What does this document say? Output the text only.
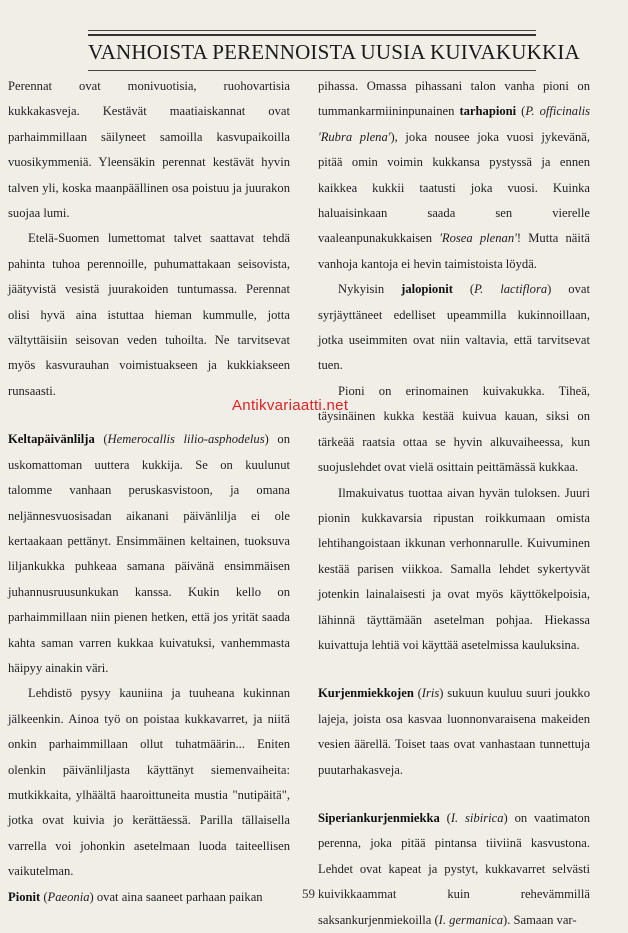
VANHOISTA PERENNOISTA UUSIA KUIVAKUKKIA

Perennat ovat monivuotisia, ruohovartisia kukkakasveja. Kestävät maatiaiskannat ovat parhaimmillaan säilyneet samoilla kasvupaikoilla vuosikymmeniä. Yleensäkin perennat kestävät hyvin talven yli, koska maanpäällinen osa poistuu ja juurakon suojaa lumi.

Etelä-Suomen lumettomat talvet saattavat tehdä pahinta tuhoa perennoille, puhumattakaan seisovista, jäätyvistä vesistä juurakoiden tuntumassa. Perennat olisi hyvä aina istuttaa hieman kummulle, jotta vältyttäisiin seisovan veden tuhoilta. Ne tarvitsevat myös kasvurauhan voimistuakseen ja kukkiakseen runsaasti.

Keltapäivänlilja (Hemerocallis lilio-asphodelus) on uskomattoman uuttera kukkija. Se on kuulunut talomme vanhaan peruskasvistoon, ja omana neljännesvuosisadan aikanani päivänlilja ei ole kertaakaan pettänyt. Ensimmäinen keltainen, tuoksuva liljankukka puhkeaa samana päivänä ensimmäisen juhannusruusunkukan kanssa. Kukin kello on parhaimmillaan niin pienen hetken, että jos yrität saada kahta saman varren kukkaa kuivatuksi, vanhemmasta häipyy ainakin väri.

Lehdistö pysyy kauniina ja tuuheana kukinnan jälkeenkin. Ainoa työ on poistaa kukkavarret, ja niitä onkin parhaimmillaan ollut tuhatmäärin... Eniten olenkin päivänliljasta käyttänyt siemenvaiheita: mutkikkaita, ylhäältä haaroittuneita mustia "nutipäitä", jotka ovat kuivia jo kerättäessä. Parilla tällaisella varrella voi johonkin asetelmaan luoda taiteellisen vaikutelman.

Pionit (Paeonia) ovat aina saaneet parhaan paikan

pihassa. Omassa pihassani talon vanha pioni on tummankarmiininpunainen tarhapioni (P. officinalis 'Rubra plena'), joka nousee joka vuosi jykevänä, pitää omin voimin kukkansa pystyssä ja ennen kaikkea kukkii taatusti joka vuosi. Kuinka haluaisinkaan saada sen vierelle vaaleanpunakukkaisen 'Rosea plenan'! Mutta näitä vanhoja kantoja ei hevin taimistoista löydä.

Nykyisin jalopionit (P. lactiflora) ovat syrjäyttäneet edelliset upeammilla kukinnoillaan, jotka useimmiten ovat niin valtavia, että tarvitsevat tuen.

Pioni on erinomainen kuivakukka. Tiheä, täysinäinen kukka kestää kuivua kauan, siksi on tärkeää raatsia ottaa se hyvin alkuvaiheessa, kun suojuslehdet ovat vielä osittain peittämässä kukkaa.

Ilmakuivatus tuottaa aivan hyvän tuloksen. Juuri pionin kukkavarsia ripustan roikkumaan omista lehtihangoistaan ikkunan verhonnarulle. Kuivuminen kestää parisen viikkoa. Samalla lehdet sykertyvät jotenkin lainalaisesti ja ovat myös käyttökelpoisia, lähinnä täyttämään asetelman pohjaa. Hiekassa kuivattuja lehtiä voi käyttää asetelmissa kauluksina.

Kurjenmiekkojen (Iris) sukuun kuuluu suuri joukko lajeja, joista osa kasvaa luonnonvaraisena makeiden vesien äärellä. Toiset taas ovat vanhastaan tunnettuja puutarhakasveja.

Siperiankurjenmiekka (I. sibirica) on vaatimaton perenna, joka pitää pintansa tiiviinä kasvustona. Lehdet ovat kapeat ja pystyt, kukkavarret selvästi kuivikkaammat kuin rehevämmillä saksankurjenmiekoilla (I. germanica). Samaan var-

Antikvariaatti.net
59
